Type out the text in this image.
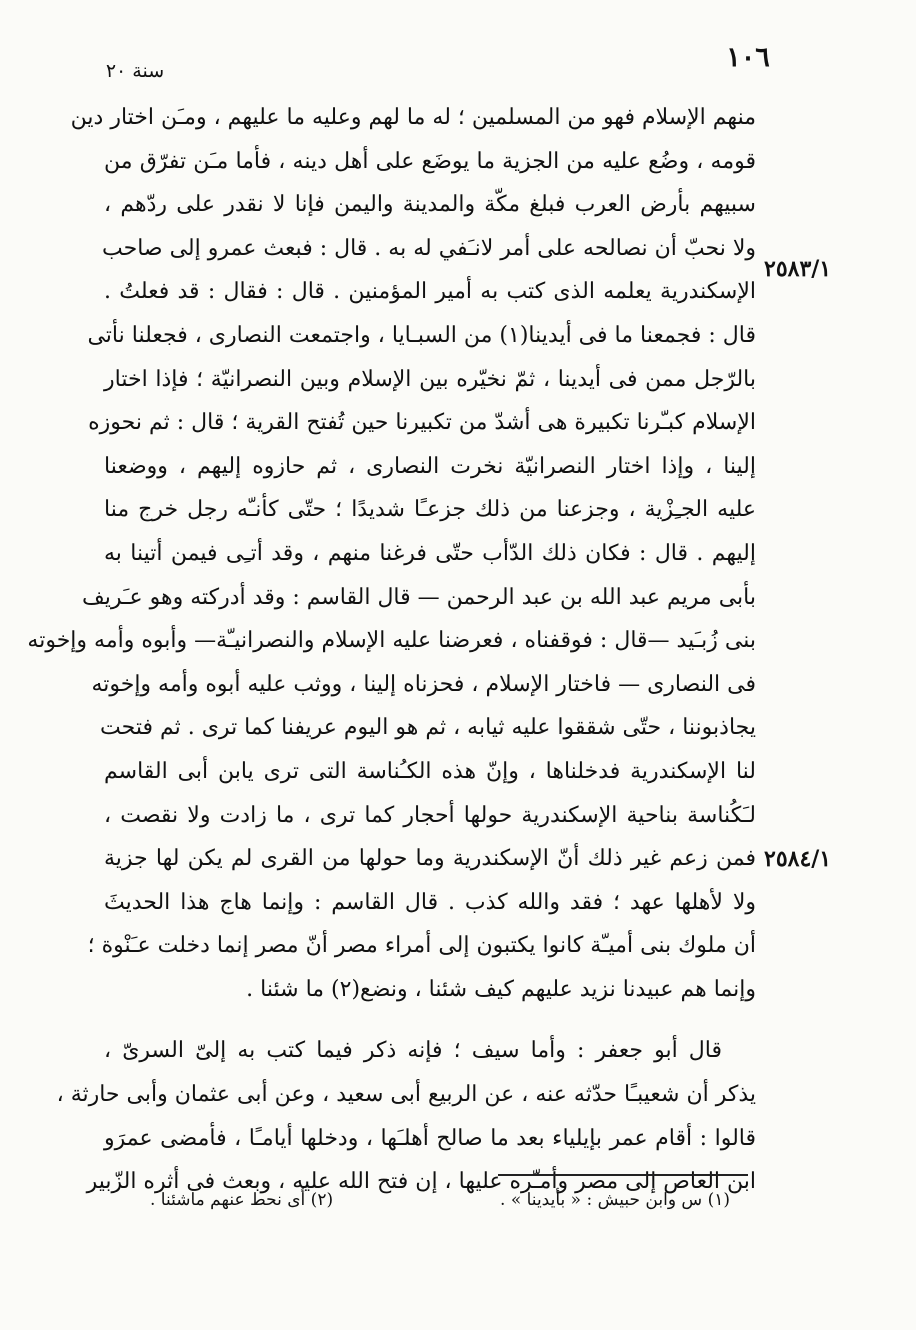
١٠٦
سنة ٢٠
٢٥٨٣/١
٢٥٨٤/١
منهم الإسلام فهو من المسلمين ؛ له ما لهم وعليه ما عليهم ، ومـَن اختار دين
قومه ، وضُع عليه من الجزية ما يوضَع على أهل دينه ، فأما مـَن تفرّق من
سبيهم بأرض العرب فبلغ مكّة والمدينة واليمن فإنا لا نقدر على ردّهم ،
ولا نحبّ أن نصالحه على أمر لانـَفي له به . قال : فبعث عمرو إلى صاحب
الإسكندرية يعلمه الذى كتب به أمير المؤمنين . قال : فقال : قد فعلتُ .
قال : فجمعنا ما فى أيدينا(١) من السبـايا ، واجتمعت النصارى ، فجعلنا نأتى
بالرّجل ممن فى أيدينا ، ثمّ نخيّره بين الإسلام وبين النصرانيّة ؛ فإذا اختار
الإسلام كبـّرنا تكبيرة هى أشدّ من تكبيرنا حين تُفتح القرية ؛ قال : ثم نحوزه
إلينا ، وإذا اختار النصرانيّة نخرت النصارى ، ثم حازوه إليهم ، ووضعنا
عليه الجـِزْية ، وجزعنا من ذلك جزعـًا شديدًا ؛ حتّى كأنـّه رجل خرج منا
إليهم . قال : فكان ذلك الدّأب حتّى فرغنا منهم ، وقد أتـِى فيمن أتينا به
بأبى مريم عبد الله بن عبد الرحمن — قال القاسم : وقد أدركته وهو عـَريف
بنى زُبـَيد —قال : فوقفناه ، فعرضنا عليه الإسلام والنصرانيـّة— وأبوه وأمه وإخوته
فى النصارى — فاختار الإسلام ، فحزناه إلينا ، ووثب عليه أبوه وأمه وإخوته
يجاذبوننا ، حتّى شققوا عليه ثيابه ، ثم هو اليوم عريفنا كما ترى . ثم فتحت
لنا الإسكندرية فدخلناها ، وإنّ هذه الكـُناسة التى ترى يابن أبى القاسم
لـَكُناسة بناحية الإسكندرية حولها أحجار كما ترى ، ما زادت ولا نقصت ،
فمن زعم غير ذلك أنّ الإسكندرية وما حولها من القرى لم يكن لها جزية
ولا لأهلها عهد ؛ فقد والله كذب . قال القاسم : وإنما هاج هذا الحديثَ
أن ملوك بنى أميـّة كانوا يكتبون إلى أمراء مصر أنّ مصر إنما دخلت عـَنْوة ؛
وإنما هم عبيدنا نزيد عليهم كيف شئنا ، ونضع(٢) ما شئنا .
قال أبو جعفر : وأما سيف ؛ فإنه ذكر فيما كتب به إلىّ السرىّ ،
يذكر أن شعيبـًا حدّثه عنه ، عن الربيع أبى سعيد ، وعن أبى عثمان وأبى حارثة ،
قالوا : أقام عمر بإيلياء بعد ما صالح أهلـَها ، ودخلها أيامـًا ، فأمضى عمرَو
ابن العاص إلى مصر وأمـّره عليها ، إن فتح الله عليه ، وبعث فى أثره الزّبير
(١) س وابن حبيش : « بأيدينا » .
(٢) أى نحط عنهم ماشئنا .
